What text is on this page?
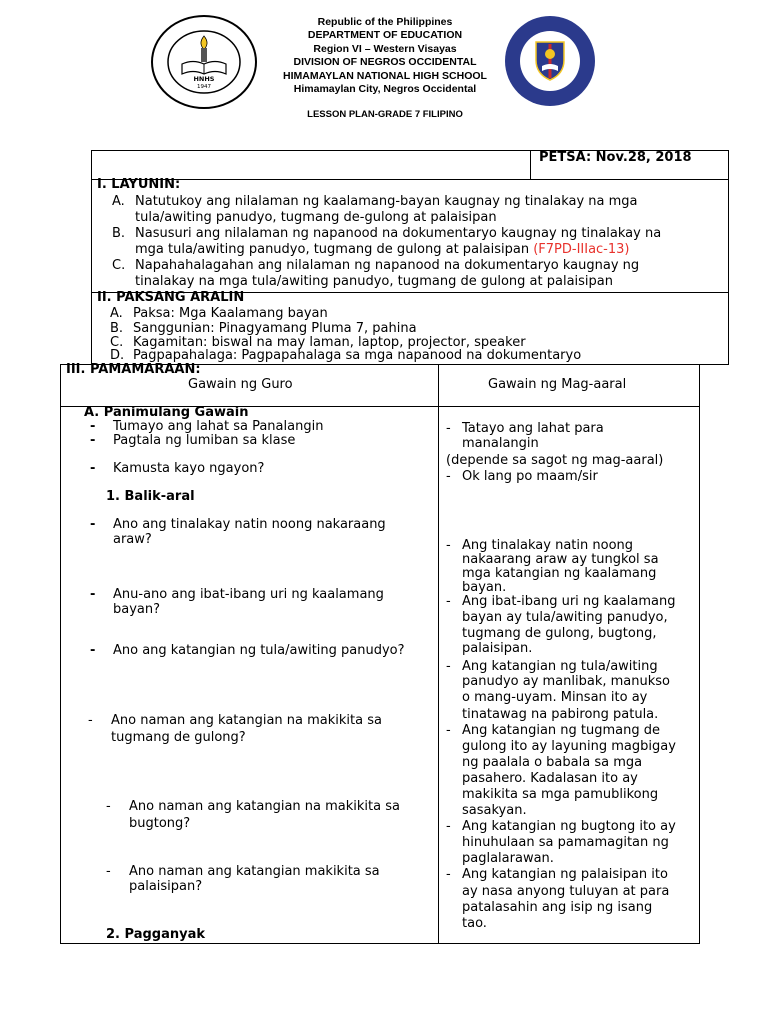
HNHS
1947
Republic of the Philippines
DEPARTMENT OF EDUCATION
Region VI – Western Visayas
DIVISION OF NEGROS OCCIDENTAL
HIMAMAYLAN NATIONAL HIGH SCHOOL
Himamaylan City, Negros Occidental
LESSON PLAN-GRADE 7 FILIPINO
PETSA: Nov.28, 2018
I. LAYUNIN:
A. Natutukoy ang nilalaman ng kaalamang-bayan kaugnay ng tinalakay na mga
tula/awiting panudyo, tugmang de-gulong at palaisipan
B. Nasusuri ang nilalaman ng napanood na dokumentaryo kaugnay ng tinalakay na
mga tula/awiting panudyo, tugmang de gulong at palaisipan (F7PD-IIIac-13)
C. Napahahalagahan ang nilalaman ng napanood na dokumentaryo kaugnay ng
tinalakay na mga tula/awiting panudyo, tugmang de gulong at palaisipan
II. PAKSANG ARALIN
A. Paksa: Mga Kaalamang bayan
B. Sanggunian: Pinagyamang Pluma 7, pahina
C. Kagamitan: biswal na may laman, laptop, projector, speaker
D. Pagpapahalaga: Pagpapahalaga sa mga napanood na dokumentaryo
III. PAMAMARAAN:
Gawain ng Guro	Gawain ng Mag-aaral
A. Panimulang Gawain
- Tumayo ang lahat sa Panalangin
- Pagtala ng lumiban sa klase
- Kamusta kayo ngayon?
1. Balik-aral
- Ano ang tinalakay natin noong nakaraang
araw?
- Anu-ano ang ibat-ibang uri ng kaalamang
bayan?
- Ano ang katangian ng tula/awiting panudyo?
- Ano naman ang katangian na makikita sa
tugmang de gulong?
- Ano naman ang katangian na makikita sa
bugtong?
- Ano naman ang katangian makikita sa
palaisipan?
2. Pagganyak
- Tatayo ang lahat para
manalangin
(depende sa sagot ng mag-aaral)
- Ok lang po maam/sir
- Ang tinalakay natin noong
nakaarang araw ay tungkol sa
mga katangian ng kaalamang
bayan.
- Ang ibat-ibang uri ng kaalamang
bayan ay tula/awiting panudyo,
tugmang de gulong, bugtong,
palaisipan.
- Ang katangian ng tula/awiting
panudyo ay manlibak, manukso
o mang-uyam. Minsan ito ay
tinatawag na pabirong patula.
- Ang katangian ng tugmang de
gulong ito ay layuning magbigay
ng paalala o babala sa mga
pasahero. Kadalasan ito ay
makikita sa mga pamublikong
sasakyan.
- Ang katangian ng bugtong ito ay
hinuhulaan sa pamamagitan ng
paglalarawan.
- Ang katangian ng palaisipan ito
ay nasa anyong tuluyan at para
patalasahin ang isip ng isang
tao.
